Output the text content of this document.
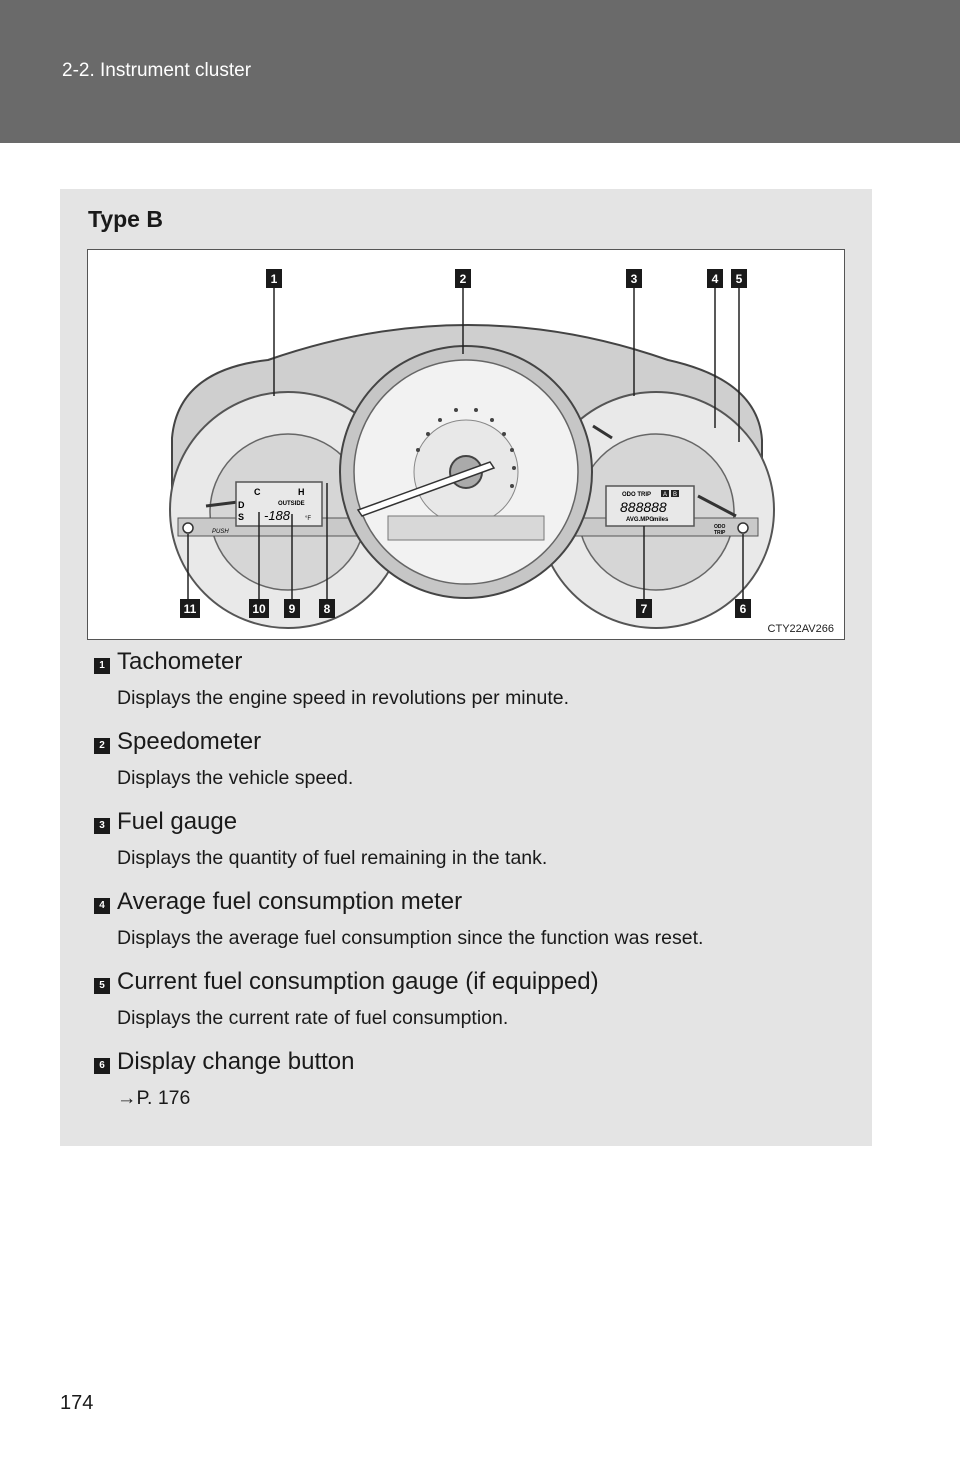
2-2. Instrument cluster
Type B
C	H
D
S
OUTSIDE
-188 °F
PUSH
ODO TRIP A B
888888
AVG.MPG miles
ODO
TRIP
1	2	3	4 5
6
7
8
9
10
11
CTY22AV266
1 Tachometer
Displays the engine speed in revolutions per minute.
2 Speedometer
Displays the vehicle speed.
3 Fuel gauge
Displays the quantity of fuel remaining in the tank.
4 Average fuel consumption meter
Displays the average fuel consumption since the function was reset.
5 Current fuel consumption gauge (if equipped)
Displays the current rate of fuel consumption.
6 Display change button
→P. 176
174
